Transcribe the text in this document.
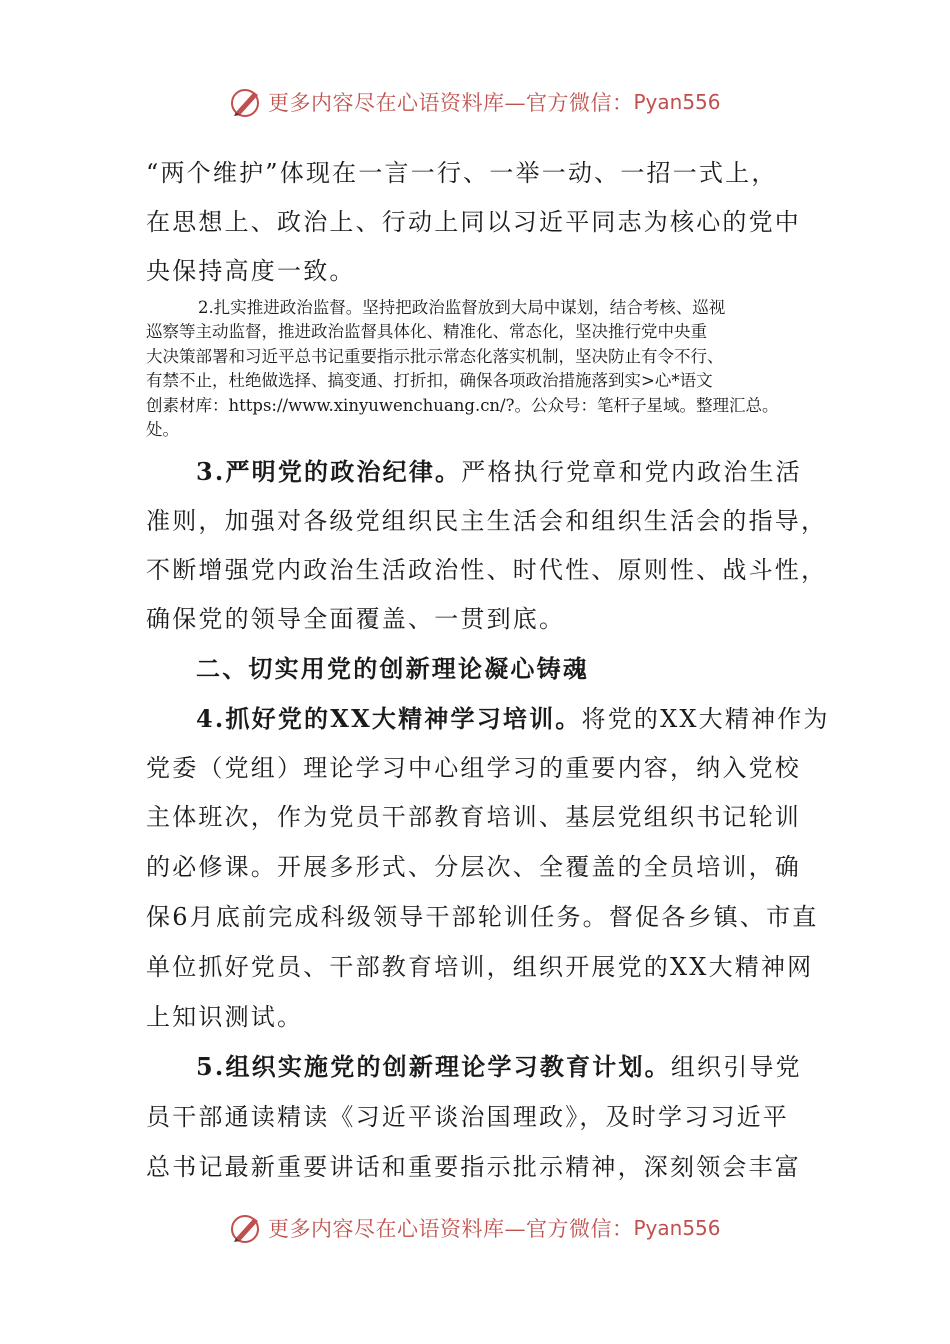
更多内容尽在心语资料库—官方微信： Pyan556
“两个维护”体现在一言一行、一举一动、一招一式上，
在思想上、政治上、行动上同以习近平同志为核心的党中
央保持高度一致。

2.扎实推进政治监督。坚持把政治监督放到大局中谋划，结合考核、巡视

巡察等主动监督，推进政治监督具体化、精准化、常态化，坚决推行党中央重

大决策部署和习近平总书记重要指示批示常态化落实机制，坚决防止有令不行、

有禁不止，杜绝做选择、搞变通、打折扣，确保各项政治措施落到实>心*语文

创素材库：https://www.xinyuwenchuang.cn/?。公众号：笔杆子星域。整理汇总。

处。

3.严明党的政治纪律。严格执行党章和党内政治生活
准则，加强对各级党组织民主生活会和组织生活会的指导，
不断增强党内政治生活政治性、时代性、原则性、战斗性，
确保党的领导全面覆盖、一贯到底。
二、切实用党的创新理论凝心铸魂
4.抓好党的XX大精神学习培训。将党的XX大精神作为
党委（党组）理论学习中心组学习的重要内容，纳入党校
主体班次，作为党员干部教育培训、基层党组织书记轮训
的必修课。开展多形式、分层次、全覆盖的全员培训，确
保6月底前完成科级领导干部轮训任务。督促各乡镇、市直
单位抓好党员、干部教育培训，组织开展党的XX大精神网
上知识测试。
5.组织实施党的创新理论学习教育计划。组织引导党
员干部通读精读《习近平谈治国理政》，及时学习习近平
总书记最新重要讲话和重要指示批示精神，深刻领会丰富
更多内容尽在心语资料库—官方微信： Pyan556
